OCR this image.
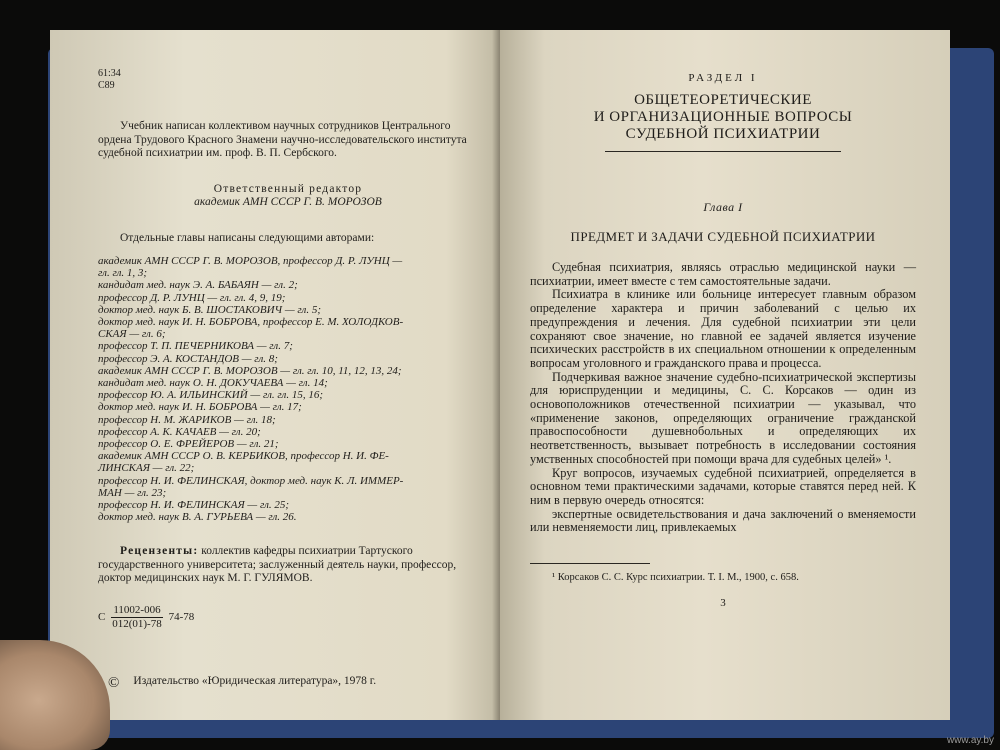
61:34
С89
Учебник написан коллективом научных сотрудников Центрального ордена Трудового Красного Знамени научно-исследовательского института судебной психиатрии им. проф. В. П. Сербского.
Ответственный редактор
академик АМН СССР Г. В. МОРОЗОВ
Отдельные главы написаны следующими авторами:
академик АМН СССР Г. В. МОРОЗОВ, профессор Д. Р. ЛУНЦ —
гл. гл. 1, 3;
кандидат мед. наук Э. А. БАБАЯН — гл. 2;
профессор Д. Р. ЛУНЦ — гл. гл. 4, 9, 19;
доктор мед. наук Б. В. ШОСТАКОВИЧ — гл. 5;
доктор мед. наук И. Н. БОБРОВА, профессор Е. М. ХОЛОДКОВ-
СКАЯ — гл. 6;
профессор Т. П. ПЕЧЕРНИКОВА — гл. 7;
профессор Э. А. КОСТАНДОВ — гл. 8;
академик АМН СССР Г. В. МОРОЗОВ — гл. гл. 10, 11, 12, 13, 24;
кандидат мед. наук О. Н. ДОКУЧАЕВА — гл. 14;
профессор Ю. А. ИЛЬИНСКИЙ — гл. гл. 15, 16;
доктор мед. наук И. Н. БОБРОВА — гл. 17;
профессор Н. М. ЖАРИКОВ — гл. 18;
профессор А. К. КАЧАЕВ — гл. 20;
профессор О. Е. ФРЕЙЕРОВ — гл. 21;
академик АМН СССР О. В. КЕРБИКОВ, профессор Н. И. ФЕ-
ЛИНСКАЯ — гл. 22;
профессор Н. И. ФЕЛИНСКАЯ, доктор мед. наук К. Л. ИММЕР-
МАН — гл. 23;
профессор Н. И. ФЕЛИНСКАЯ — гл. 25;
доктор мед. наук В. А. ГУРЬЕВА — гл. 26.
Рецензенты: коллектив кафедры психиатрии Тартуского государственного университета; заслуженный деятель науки, профессор, доктор медицинских наук М. Г. ГУЛЯМОВ.
С $\frac{11002-006}{012(01)-78} 74-78$
© Издательство «Юридическая литература», 1978 г.
РАЗДЕЛ I
ОБЩЕТЕОРЕТИЧЕСКИЕ
И ОРГАНИЗАЦИОННЫЕ ВОПРОСЫ
СУДЕБНОЙ ПСИХИАТРИИ
Глава I
ПРЕДМЕТ И ЗАДАЧИ СУДЕБНОЙ ПСИХИАТРИИ

Судебная психиатрия, являясь отраслью медицинской науки — психиатрии, имеет вместе с тем самостоятельные задачи.

Психиатра в клинике или больнице интересует главным образом определение характера и причин заболеваний с целью их предупреждения и лечения. Для судебной психиатрии эти цели сохраняют свое значение, но главной ее задачей является изучение психических расстройств в их специальном отношении к определенным вопросам уголовного и гражданского права и процесса.

Подчеркивая важное значение судебно-психиатрической экспертизы для юриспруденции и медицины, С. С. Корсаков — один из основоположников отечественной психиатрии — указывал, что «применение законов, определяющих ограничение гражданской правоспособности душевнобольных и определяющих их неответственность, вызывает потребность в исследовании состояния умственных способностей при помощи врача для судебных целей» ¹.

Круг вопросов, изучаемых судебной психиатрией, определяется в основном теми практическими задачами, которые ставятся перед ней. К ним в первую очередь относятся:

экспертные освидетельствования и дача заключений о вменяемости или невменяемости лиц, привлекаемых

¹ Корсаков С. С. Курс психиатрии. Т. I. М., 1900, с. 658.
3
www.ay.by
